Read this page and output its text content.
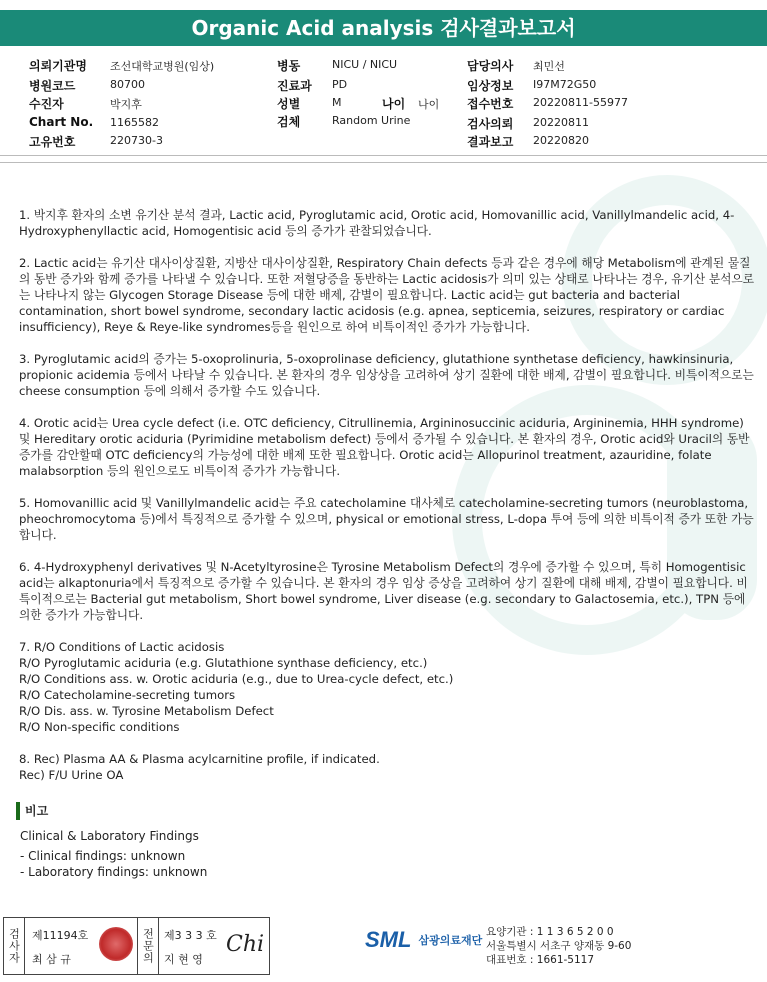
Organic Acid analysis 검사결과보고서
의뢰기관명 조선대학교병원(임상)
병원코드	80700
수진자	박지후
Chart No. 1165582
고유번호	220730-3
병동	NICU / NICU
진료과 PD
성별	M	나이 나이
검체	Random Urine
담당의사 최민선
임상정보 I97M72G50
접수번호 20220811-55977
검사의뢰 20220811
결과보고 20220820

1. 박지후 환자의 소변 유기산 분석 결과, Lactic acid, Pyroglutamic acid, Orotic acid, Homovanillic acid, Vanillylmandelic acid, 4-Hydroxyphenyllactic acid, Homogentisic acid 등의 증가가 관찰되었습니다.

2. Lactic acid는 유기산 대사이상질환, 지방산 대사이상질환, Respiratory Chain defects 등과 같은 경우에 해당 Metabolism에 관계된 물질의 동반 증가와 함께 증가를 나타낼 수 있습니다. 또한 저혈당증을 동반하는 Lactic acidosis가 의미 있는 상태로 나타나는 경우, 유기산 분석으로는 나타나지 않는 Glycogen Storage Disease 등에 대한 배제, 감별이 필요합니다. Lactic acid는 gut bacteria and bacterial contamination, short bowel syndrome, secondary lactic acidosis (e.g. apnea, septicemia, seizures, respiratory or cardiac insufficiency), Reye & Reye-like syndromes등을 원인으로 하여 비특이적인 증가가 가능합니다.

3. Pyroglutamic acid의 증가는 5-oxoprolinuria, 5-oxoprolinase deficiency, glutathione synthetase deficiency, hawkinsinuria, propionic acidemia 등에서 나타날 수 있습니다. 본 환자의 경우 임상상을 고려하여 상기 질환에 대한 배제, 감별이 필요합니다. 비특이적으로는 cheese consumption 등에 의해서 증가할 수도 있습니다.

4. Orotic acid는 Urea cycle defect (i.e. OTC deficiency, Citrullinemia, Argininosuccinic aciduria, Argininemia, HHH syndrome) 및 Hereditary orotic aciduria (Pyrimidine metabolism defect) 등에서 증가될 수 있습니다. 본 환자의 경우, Orotic acid와 Uracil의 동반 증가를 감안할때 OTC deficiency의 가능성에 대한 배제 또한 필요합니다. Orotic acid는 Allopurinol treatment, azauridine, folate malabsorption 등의 원인으로도 비특이적 증가가 가능합니다.

5. Homovanillic acid 및 Vanillylmandelic acid는 주요 catecholamine 대사체로 catecholamine-secreting tumors (neuroblastoma, pheochromocytoma 등)에서 특징적으로 증가할 수 있으며, physical or emotional stress, L-dopa 투여 등에 의한 비특이적 증가 또한 가능합니다.

6. 4-Hydroxyphenyl derivatives 및 N-Acetyltyrosine은 Tyrosine Metabolism Defect의 경우에 증가할 수 있으며, 특히 Homogentisic acid는 alkaptonuria에서 특징적으로 증가할 수 있습니다. 본 환자의 경우 임상 증상을 고려하여 상기 질환에 대해 배제, 감별이 필요합니다. 비특이적으로는 Bacterial gut metabolism, Short bowel syndrome, Liver disease (e.g. secondary to Galactosemia, etc.), TPN 등에 의한 증가가 가능합니다.

7. R/O Conditions of Lactic acidosis
R/O Pyroglutamic aciduria (e.g. Glutathione synthase deficiency, etc.)
R/O Conditions ass. w. Orotic aciduria (e.g., due to Urea-cycle defect, etc.)
R/O Catecholamine-secreting tumors
R/O Dis. ass. w. Tyrosine Metabolism Defect
R/O Non-specific conditions

8. Rec) Plasma AA & Plasma acylcarnitine profile, if indicated.
Rec) F/U Urine OA

비고
Clinical & Laboratory Findings
- Clinical findings: unknown
- Laboratory findings: unknown
검사자 제11194호
최 삼 규	전문의 제3 3 3 호
지 현 영
Chi	SML 삼광의료재단
요양기관 : 1 1 3 6 5 2 0 0
서울특별시 서초구 양재동 9-60
대표번호 : 1661-5117
